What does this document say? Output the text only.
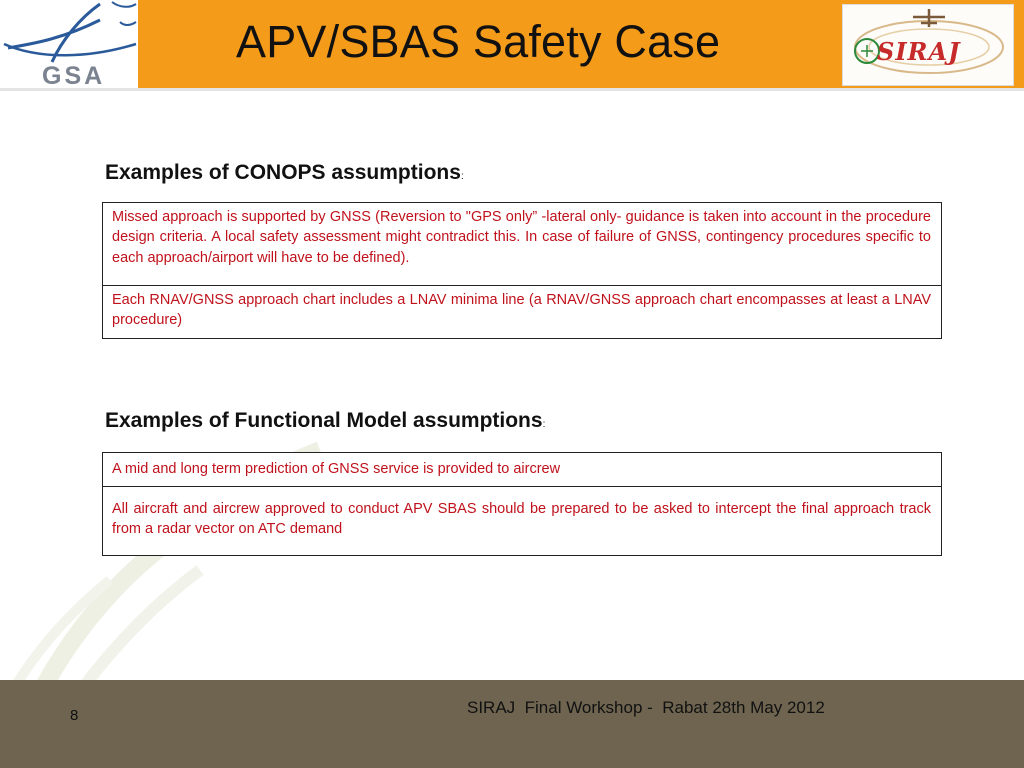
GSA
APV/SBAS Safety Case	SIRAJ
Examples of CONOPS assumptions:
Missed approach is supported by GNSS (Reversion to "GPS only” -lateral only- guidance is taken into account in the procedure design criteria. A local safety assessment might contradict this. In case of failure of GNSS, contingency procedures specific to each approach/airport will have to be defined).
Each RNAV/GNSS approach chart includes a LNAV minima line (a RNAV/GNSS approach chart encompasses at least a LNAV procedure)
Examples of Functional Model assumptions:
A mid and long term prediction of GNSS service is provided to aircrew
All aircraft and aircrew approved to conduct APV SBAS should be prepared to be asked to intercept the final approach track from a radar vector on ATC demand
8	SIRAJ  Final Workshop -  Rabat 28th May 2012
